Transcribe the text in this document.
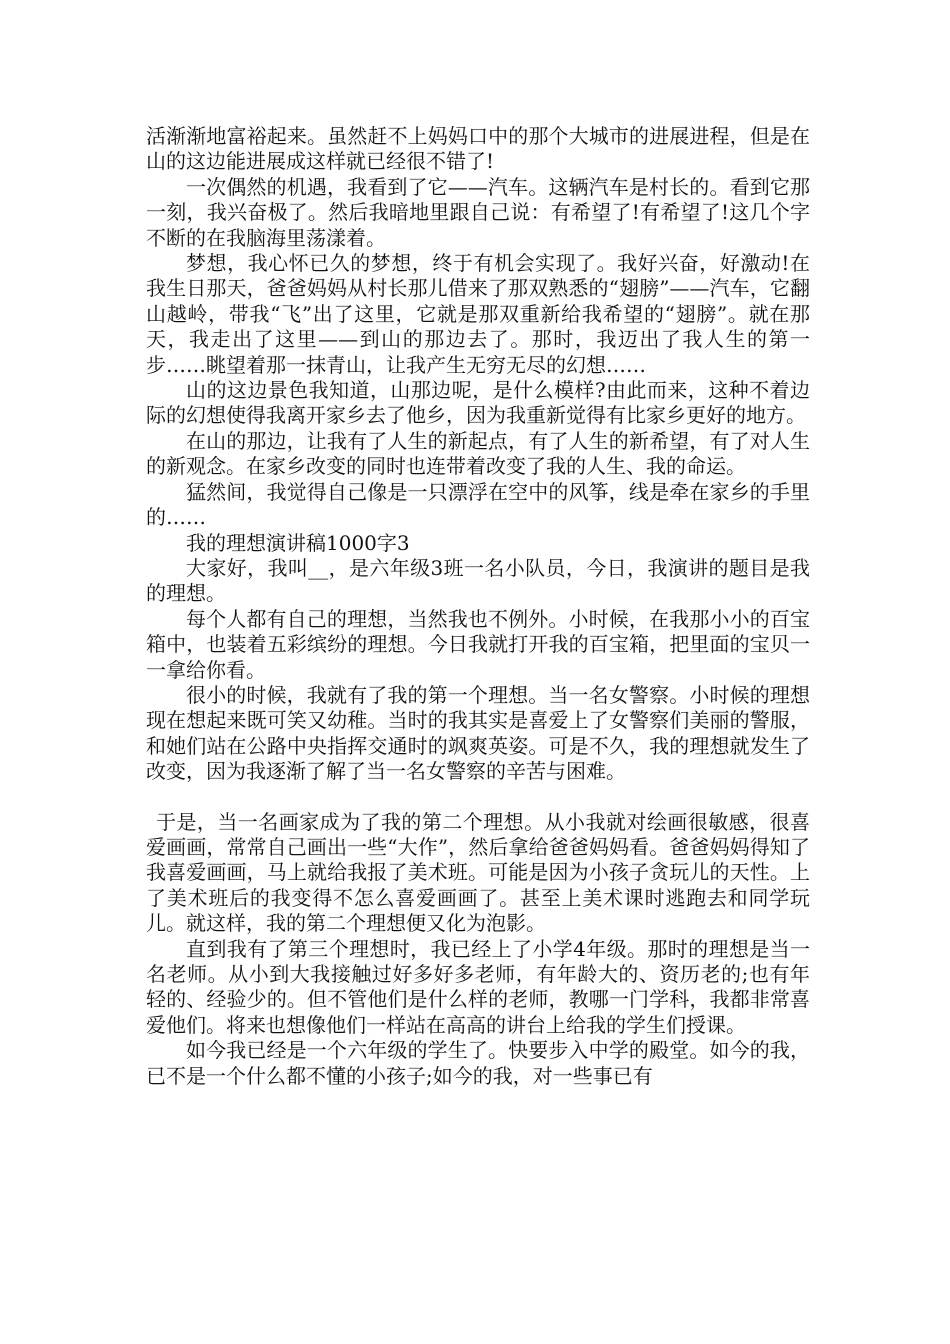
活渐渐地富裕起来。虽然赶不上妈妈口中的那个大城市的进展进程，但是在山的这边能进展成这样就已经很不错了!

一次偶然的机遇，我看到了它——汽车。这辆汽车是村长的。看到它那一刻，我兴奋极了。然后我暗地里跟自己说：有希望了!有希望了!这几个字不断的在我脑海里荡漾着。

梦想，我心怀已久的梦想，终于有机会实现了。我好兴奋，好激动!在我生日那天，爸爸妈妈从村长那儿借来了那双熟悉的“翅膀”——汽车，它翻山越岭，带我“飞”出了这里，它就是那双重新给我希望的“翅膀”。就在那天，我走出了这里——到山的那边去了。那时，我迈出了我人生的第一步……眺望着那一抹青山，让我产生无穷无尽的幻想……

山的这边景色我知道，山那边呢，是什么模样?由此而来，这种不着边际的幻想使得我离开家乡去了他乡，因为我重新觉得有比家乡更好的地方。

在山的那边，让我有了人生的新起点，有了人生的新希望，有了对人生的新观念。在家乡改变的同时也连带着改变了我的人生、我的命运。

猛然间，我觉得自己像是一只漂浮在空中的风筝，线是牵在家乡的手里的……

我的理想演讲稿1000字3

大家好，我叫__，是六年级3班一名小队员，今日，我演讲的题目是我的理想。

每个人都有自己的理想，当然我也不例外。小时候，在我那小小的百宝箱中，也装着五彩缤纷的理想。今日我就打开我的百宝箱，把里面的宝贝一一拿给你看。

很小的时候，我就有了我的第一个理想。当一名女警察。小时候的理想现在想起来既可笑又幼稚。当时的我其实是喜爱上了女警察们美丽的警服，和她们站在公路中央指挥交通时的飒爽英姿。可是不久，我的理想就发生了改变，因为我逐渐了解了当一名女警察的辛苦与困难。

于是，当一名画家成为了我的第二个理想。从小我就对绘画很敏感，很喜爱画画，常常自己画出一些“大作”，然后拿给爸爸妈妈看。爸爸妈妈得知了我喜爱画画，马上就给我报了美术班。可能是因为小孩子贪玩儿的天性。上了美术班后的我变得不怎么喜爱画画了。甚至上美术课时逃跑去和同学玩儿。就这样，我的第二个理想便又化为泡影。

直到我有了第三个理想时，我已经上了小学4年级。那时的理想是当一名老师。从小到大我接触过好多好多老师，有年龄大的、资历老的;也有年轻的、经验少的。但不管他们是什么样的老师，教哪一门学科，我都非常喜爱他们。将来也想像他们一样站在高高的讲台上给我的学生们授课。

如今我已经是一个六年级的学生了。快要步入中学的殿堂。如今的我，已不是一个什么都不懂的小孩子;如今的我，对一些事已有
